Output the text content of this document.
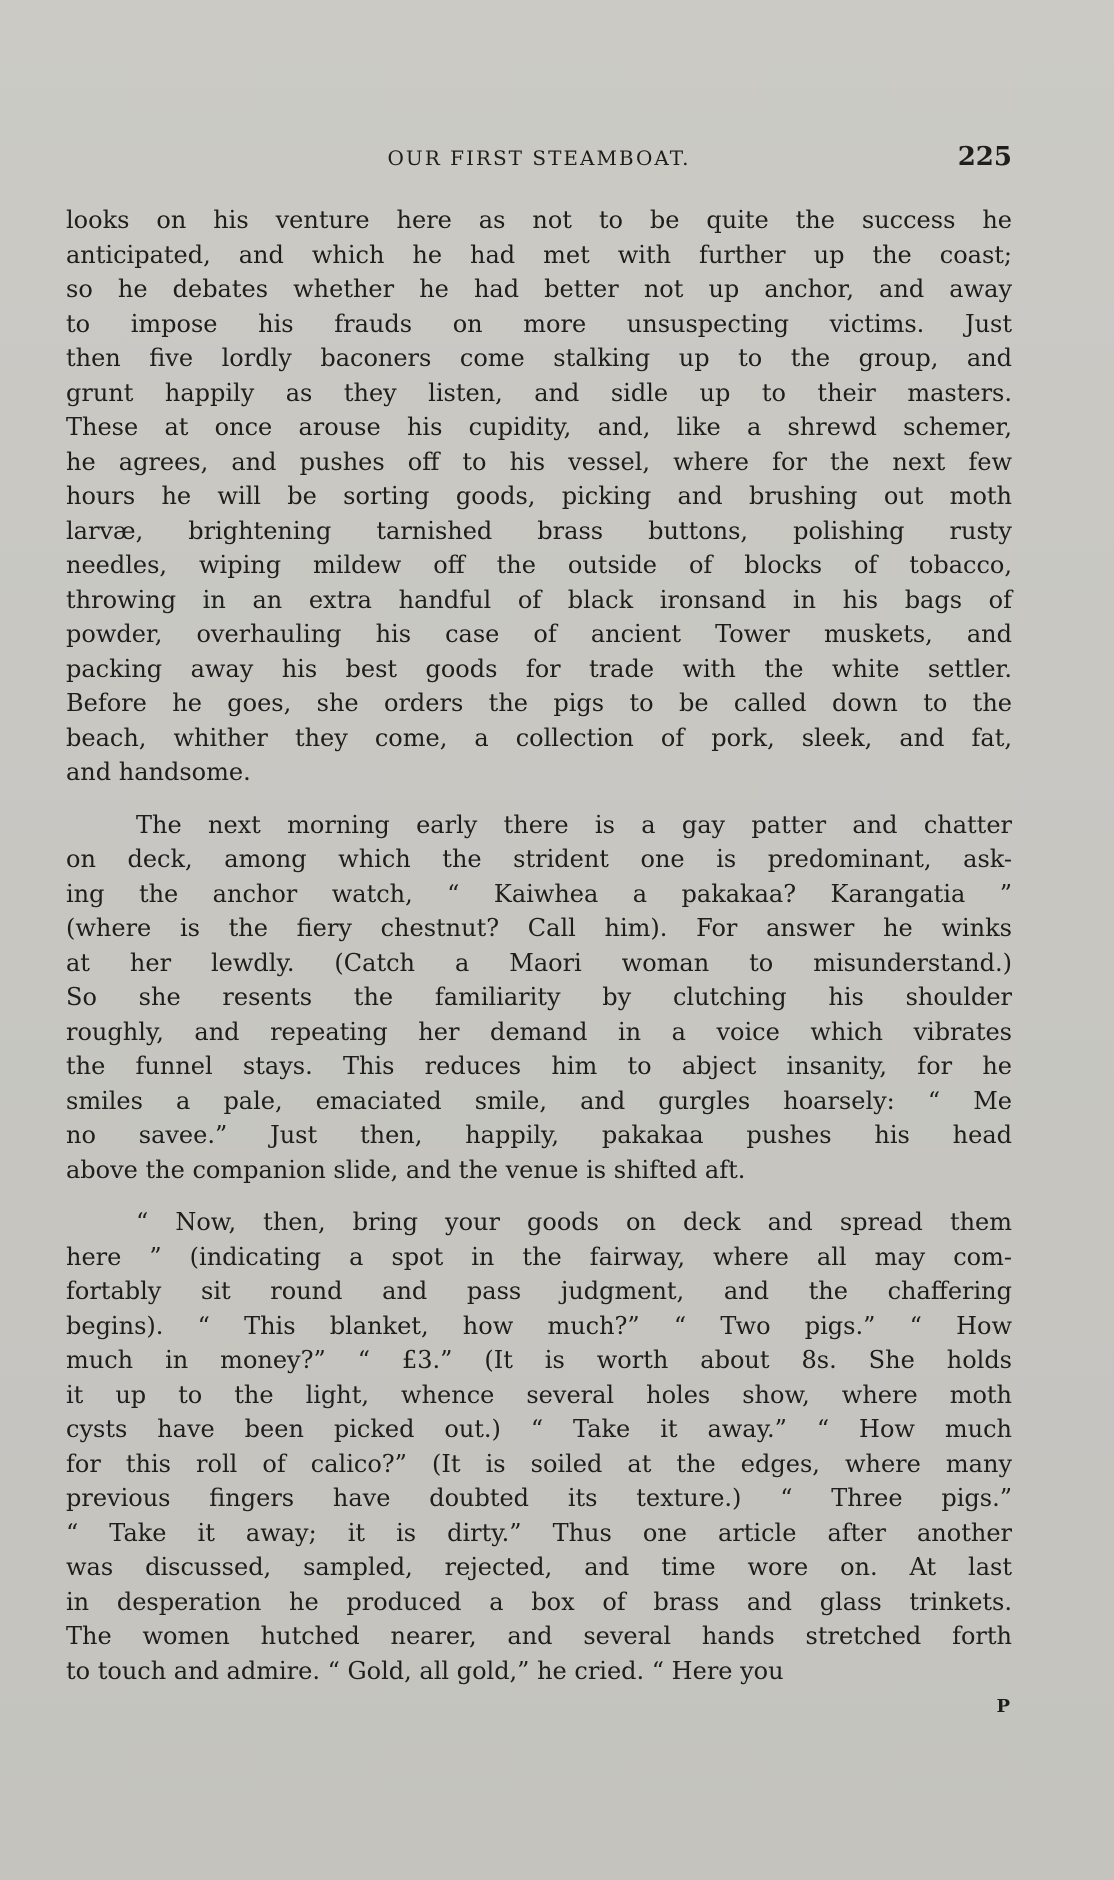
OUR FIRST STEAMBOAT.	225
looks on his venture here as not to be quite the success he
anticipated, and which he had met with further up the coast;
so he debates whether he had better not up anchor, and away
to impose his frauds on more unsuspecting victims. Just
then five lordly baconers come stalking up to the group, and
grunt happily as they listen, and sidle up to their masters.
These at once arouse his cupidity, and, like a shrewd schemer,
he agrees, and pushes off to his vessel, where for the next few
hours he will be sorting goods, picking and brushing out moth
larvæ, brightening tarnished brass buttons, polishing rusty
needles, wiping mildew off the outside of blocks of tobacco,
throwing in an extra handful of black ironsand in his bags of
powder, overhauling his case of ancient Tower muskets, and
packing away his best goods for trade with the white settler.
Before he goes, she orders the pigs to be called down to the
beach, whither they come, a collection of pork, sleek, and fat,
and handsome.
The next morning early there is a gay patter and chatter
on deck, among which the strident one is predominant, ask-
ing the anchor watch, “ Kaiwhea a pakakaa? Karangatia ”
(where is the fiery chestnut? Call him). For answer he winks
at her lewdly. (Catch a Maori woman to misunderstand.)
So she resents the familiarity by clutching his shoulder
roughly, and repeating her demand in a voice which vibrates
the funnel stays. This reduces him to abject insanity, for he
smiles a pale, emaciated smile, and gurgles hoarsely: “ Me
no savee.” Just then, happily, pakakaa pushes his head
above the companion slide, and the venue is shifted aft.
“ Now, then, bring your goods on deck and spread them
here ” (indicating a spot in the fairway, where all may com-
fortably sit round and pass judgment, and the chaffering
begins). “ This blanket, how much?” “ Two pigs.” “ How
much in money?” “ £3.” (It is worth about 8s. She holds
it up to the light, whence several holes show, where moth
cysts have been picked out.) “ Take it away.” “ How much
for this roll of calico?” (It is soiled at the edges, where many
previous fingers have doubted its texture.) “ Three pigs.”
“ Take it away; it is dirty.” Thus one article after another
was discussed, sampled, rejected, and time wore on. At last
in desperation he produced a box of brass and glass trinkets.
The women hutched nearer, and several hands stretched forth
to touch and admire. “ Gold, all gold,” he cried. “ Here you
P
